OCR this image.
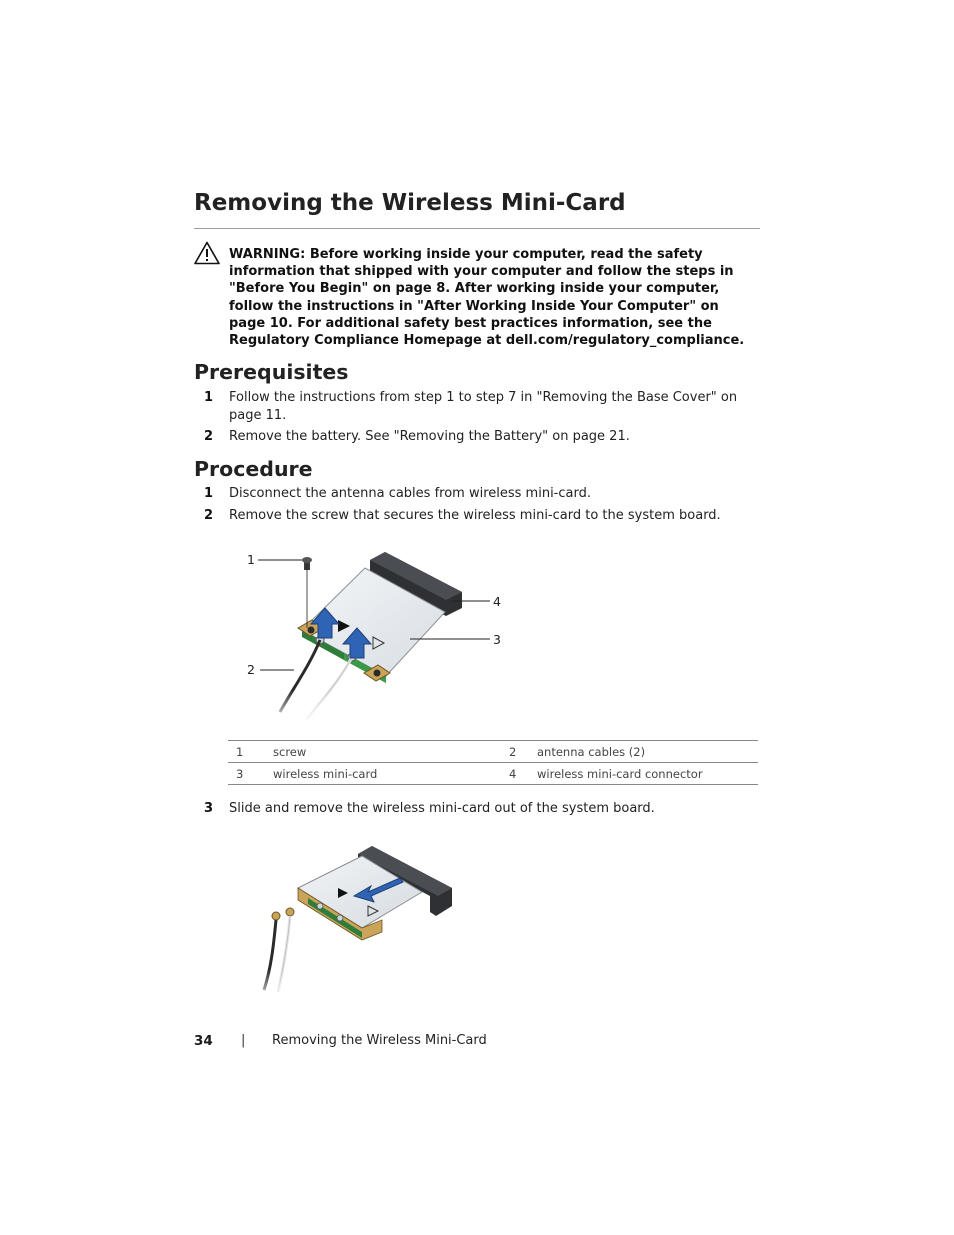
Removing the Wireless Mini-Card
WARNING: Before working inside your computer, read the safety information that shipped with your computer and follow the steps in "Before You Begin" on page 8. After working inside your computer, follow the instructions in "After Working Inside Your Computer" on page 10. For additional safety best practices information, see the Regulatory Compliance Homepage at dell.com/regulatory_compliance.
Prerequisites
1 Follow the instructions from step 1 to step 7 in "Removing the Base Cover" on page 11.
2 Remove the battery. See "Removing the Battery" on page 21.
Procedure
1 Disconnect the antenna cables from wireless mini-card.
2 Remove the screw that secures the wireless mini-card to the system board.
1
2
3
4
1	screw	2	antenna cables (2)
3	wireless mini-card	4	wireless mini-card connector
3 Slide and remove the wireless mini-card out of the system board.
34 | Removing the Wireless Mini-Card
